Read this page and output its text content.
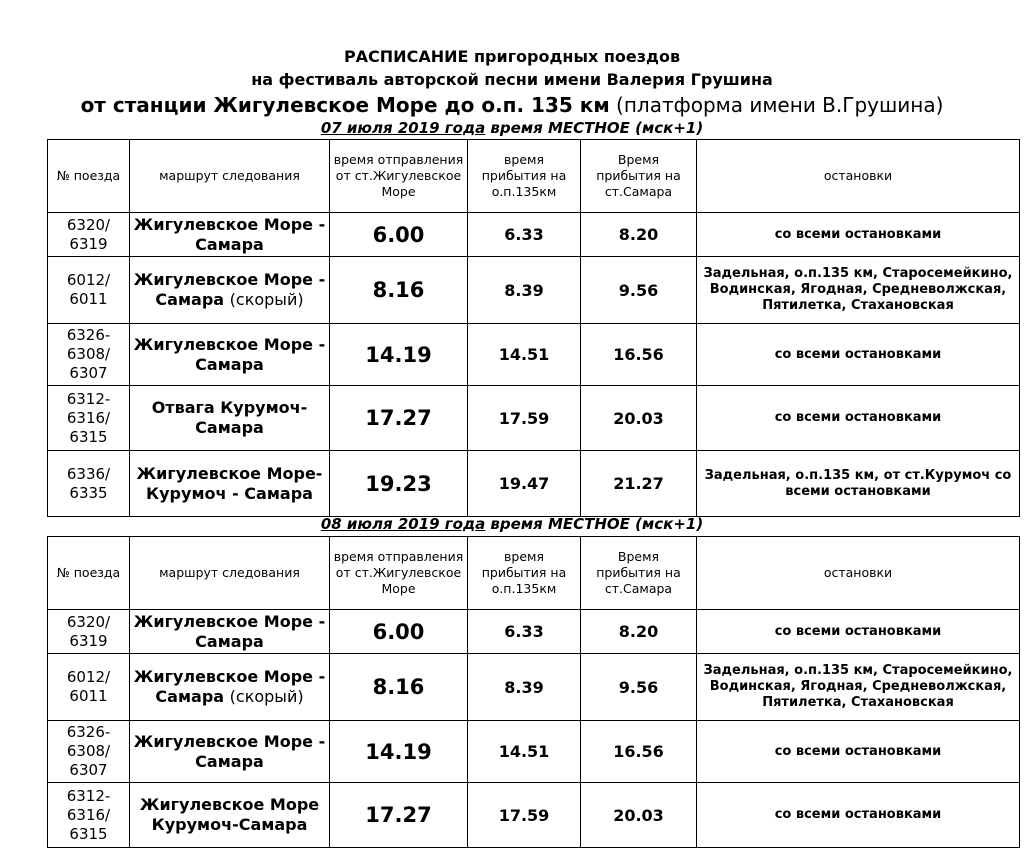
РАСПИСАНИЕ пригородных поездов
на фестиваль авторской песни имени Валерия Грушина
от станции Жигулевское Море до о.п. 135 км (платформа имени В.Грушина)
07 июля 2019 года время МЕСТНОЕ (мск+1)
№ поезда	маршрут следования	время отправления от ст.Жигулевское Море	время прибытия на о.п.135км	Время прибытия на ст.Самара	остановки
6320/ 6319	Жигулевское Море - Самара	6.00	6.33	8.20	со всеми остановками
6012/ 6011	Жигулевское Море - Самара (скорый)	8.16	8.39	9.56	Задельная, о.п.135 км, Старосемейкино, Водинская, Ягодная, Средневолжская, Пятилетка, Стахановская
6326- 6308/ 6307	Жигулевское Море - Самара	14.19	14.51	16.56	со всеми остановками
6312- 6316/ 6315	Отвага Курумоч- Самара	17.27	17.59	20.03	со всеми остановками
6336/ 6335	Жигулевское Море-Курумоч - Самара	19.23	19.47	21.27	Задельная, о.п.135 км, от ст.Курумоч со всеми остановками
08 июля 2019 года время МЕСТНОЕ (мск+1)
№ поезда	маршрут следования	время отправления от ст.Жигулевское Море	время прибытия на о.п.135км	Время прибытия на ст.Самара	остановки
6320/ 6319	Жигулевское Море - Самара	6.00	6.33	8.20	со всеми остановками
6012/ 6011	Жигулевское Море - Самара (скорый)	8.16	8.39	9.56	Задельная, о.п.135 км, Старосемейкино, Водинская, Ягодная, Средневолжская, Пятилетка, Стахановская
6326- 6308/ 6307	Жигулевское Море - Самара	14.19	14.51	16.56	со всеми остановками
6312- 6316/ 6315	Жигулевское Море Курумоч-Самара	17.27	17.59	20.03	со всеми остановками
